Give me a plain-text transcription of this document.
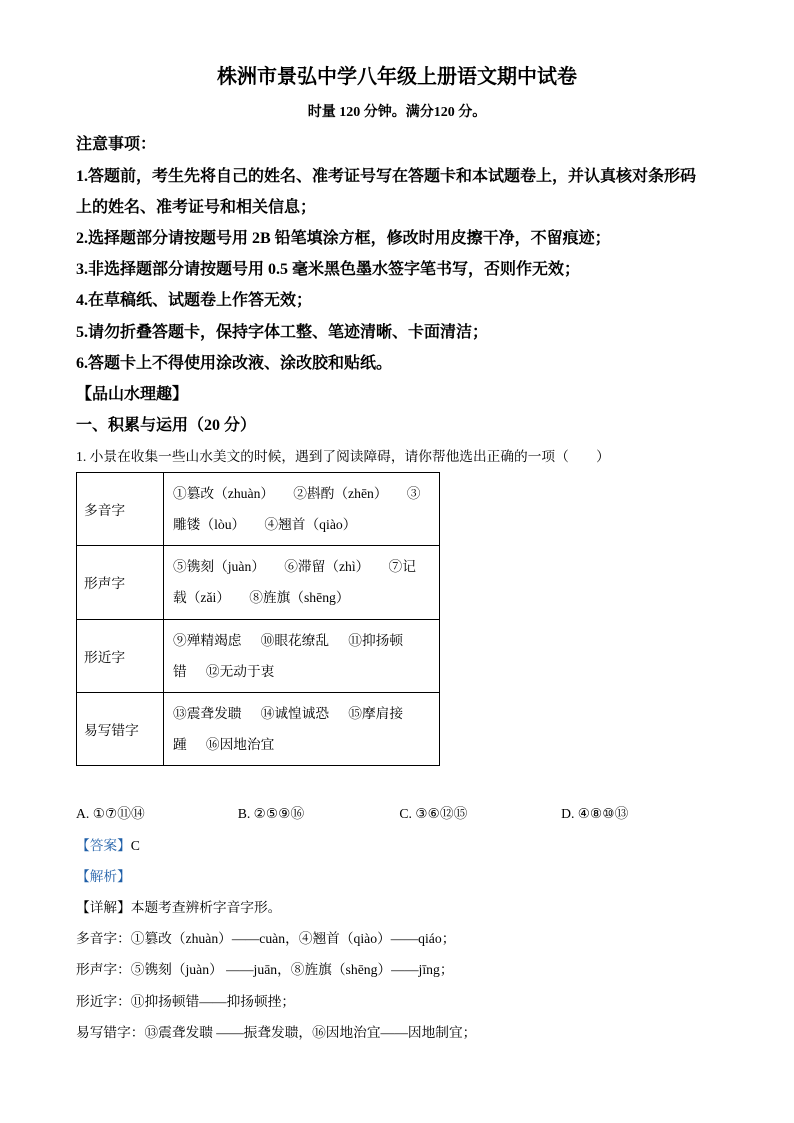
株洲市景弘中学八年级上册语文期中试卷
时量 120 分钟。满分120 分。
注意事项：
1.答题前，考生先将自己的姓名、准考证号写在答题卡和本试题卷上，并认真核对条形码
上的姓名、准考证号和相关信息；
2.选择题部分请按题号用 2B 铅笔填涂方框，修改时用皮擦干净，不留痕迹；
3.非选择题部分请按题号用 0.5 毫米黑色墨水签字笔书写，否则作无效；
4.在草稿纸、试题卷上作答无效；
5.请勿折叠答题卡，保持字体工整、笔迹清晰、卡面清洁；
6.答题卡上不得使用涂改液、涂改胶和贴纸。
【品山水理趣】
一、积累与运用（20 分）
1. 小景在收集一些山水美文的时候，遇到了阅读障碍，请你帮他选出正确的一项（　　）
多音字
①篡改（zhuàn） ②斟酌（zhēn） ③雕镂（lòu） ④翘首（qiào）
形声字
⑤镌刻（juàn） ⑥滞留（zhì） ⑦记载（zǎi） ⑧旌旗（shēng）
形近字
⑨殚精竭虑 ⑩眼花缭乱 ⑪抑扬顿错 ⑫无动于衷
易写错字
⑬震聋发聩 ⑭诚惶诚恐 ⑮摩肩接踵 ⑯因地治宜
A. ①⑦⑪⑭	B. ②⑤⑨⑯	C. ③⑥⑫⑮	D. ④⑧⑩⑬
【答案】C
【解析】
【详解】本题考查辨析字音字形。
多音字：①篡改（zhuàn）——cuàn，④翘首（qiào）——qiáo；
形声字：⑤镌刻（juàn） ——juān，⑧旌旗（shēng）——jīng；
形近字：⑪抑扬顿错——抑扬顿挫；
易写错字：⑬震聋发聩 ——振聋发聩，⑯因地治宜——因地制宜；
